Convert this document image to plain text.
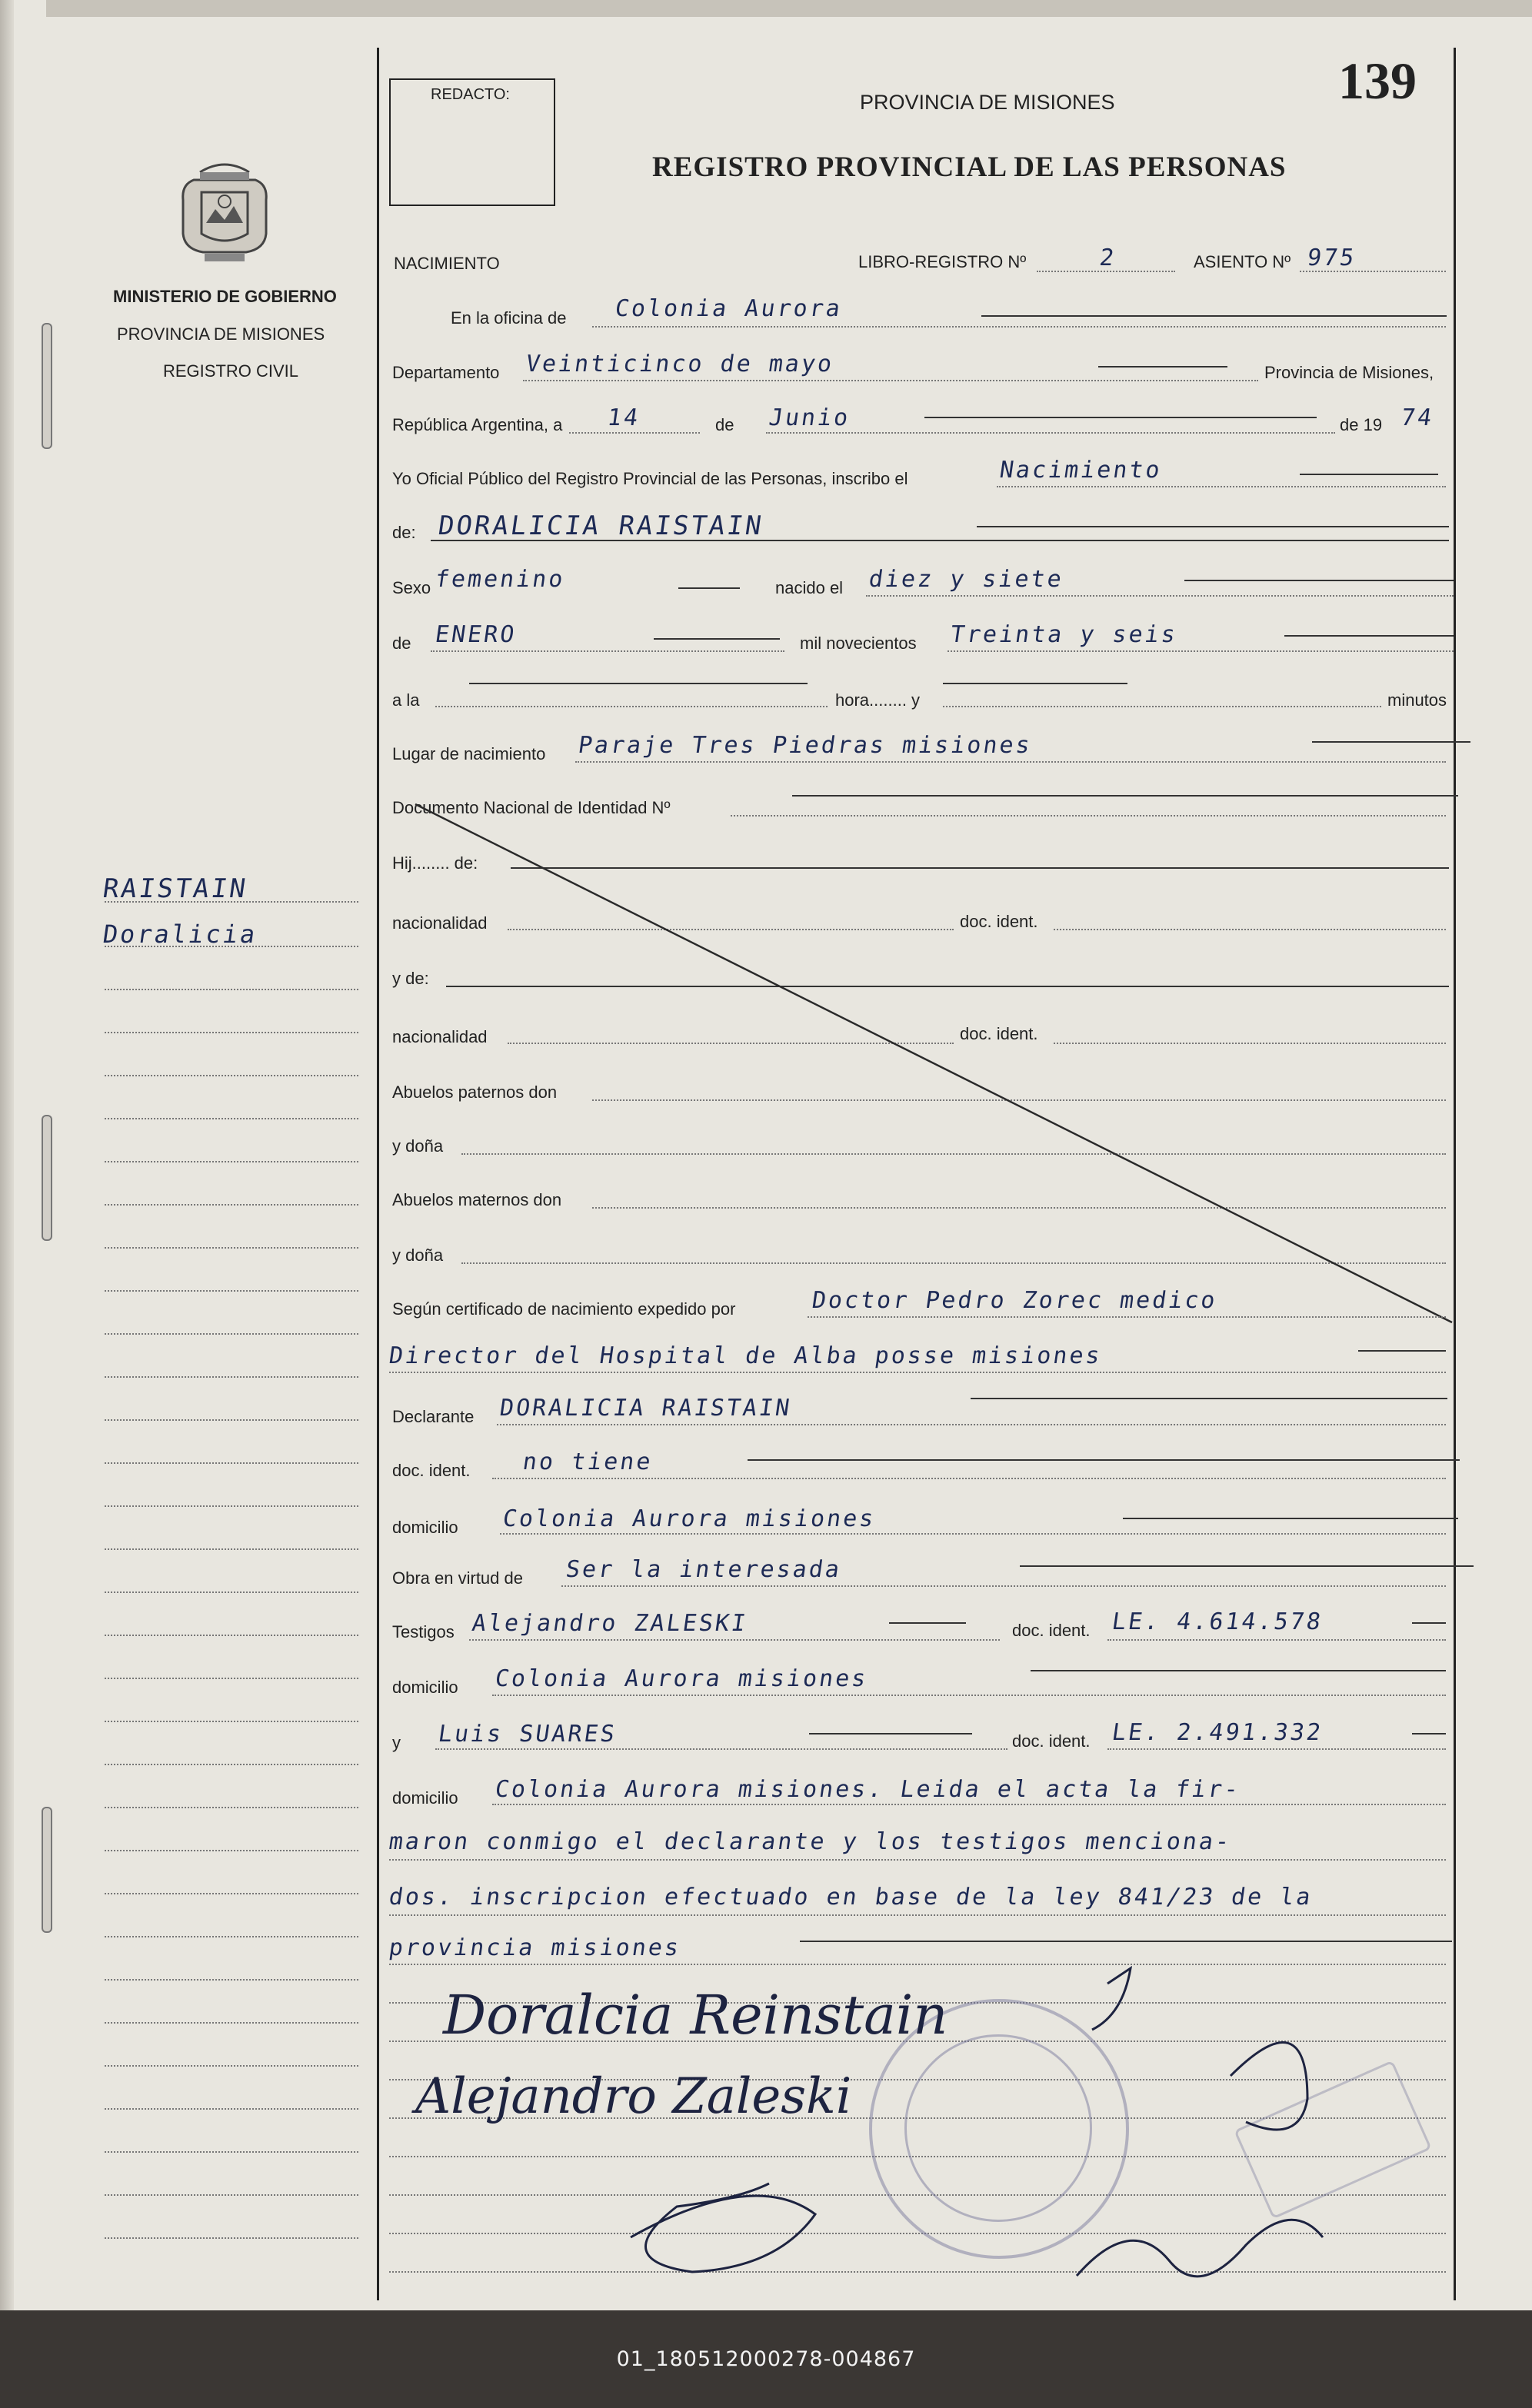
REDACTO:	PROVINCIA DE MISIONES
REGISTRO PROVINCIAL DE LAS PERSONAS
139
MINISTERIO DE GOBIERNO
PROVINCIA DE MISIONES
REGISTRO CIVIL
RAISTAIN
Doralicia
NACIMIENTO	LIBRO-REGISTRO Nº	2	ASIENTO Nº 975
En la oficina de Colonia Aurora
Departamento Veinticinco de mayo	Provincia de Misiones,
República Argentina, a 14	de Junio	de 19 74
Yo Oficial Público del Registro Provincial de las Personas, inscribo el	Nacimiento
de: DORALICIA RAISTAIN
Sexo femenino	nacido el diez y siete
de ENERO	mil novecientos Treinta y seis
a la	hora........ y	minutos
Lugar de nacimiento Paraje Tres Piedras misiones
Documento Nacional de Identidad Nº
Hij........ de:
nacionalidad	doc. ident.
y de:
nacionalidad	doc. ident.
Abuelos paternos don
y doña
Abuelos maternos don
y doña
Según certificado de nacimiento expedido por	Doctor Pedro Zorec medico
Director del Hospital de Alba posse misiones
Declarante DORALICIA RAISTAIN
doc. ident. no tiene
domicilio Colonia Aurora misiones
Obra en virtud de Ser la interesada
Testigos Alejandro ZALESKI	doc. ident. LE. 4.614.578
domicilio Colonia Aurora misiones
y Luis SUARES	doc. ident. LE. 2.491.332
domicilio Colonia Aurora misiones. Leida el acta la fir-
maron conmigo el declarante y los testigos menciona-
dos. inscripcion efectuado en base de la ley 841/23 de la
provincia misiones
Doralcia Reinstain
Alejandro Zaleski
01_180512000278-004867
